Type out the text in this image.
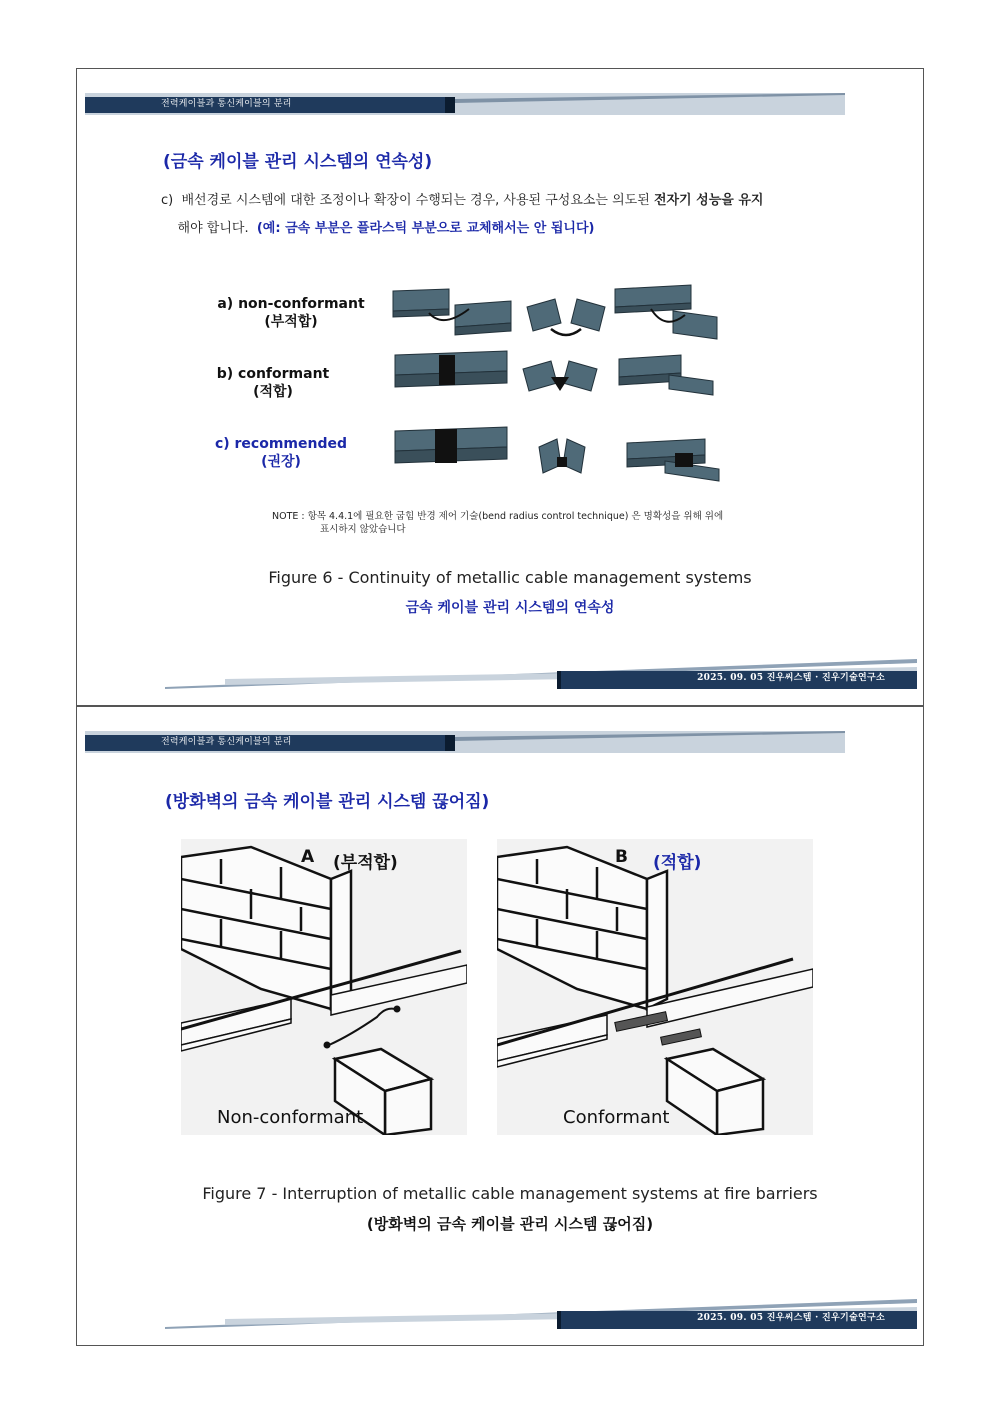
전력케이블과 통신케이블의 분리
(금속 케이블 관리 시스템의 연속성)
c) 배선경로 시스템에 대한 조정이나 확장이 수행되는 경우, 사용된 구성요소는 의도된 전자기 성능을 유지
해야 합니다. (예: 금속 부분은 플라스틱 부분으로 교체해서는 안 됩니다)
a) non-conformant
(부적합)
b) conformant
(적합)
c) recommended
(권장)
NOTE : 항목 4.4.1에 필요한 굽힘 반경 제어 기술(bend radius control technique) 은 명확성을 위해 위에
표시하지 않았습니다
Figure 6 - Continuity of metallic cable management systems
금속 케이블 관리 시스템의 연속성
2025. 09. 05 진우씨스템 · 진우기술연구소
전력케이블과 통신케이블의 분리
(방화벽의 금속 케이블 관리 시스템 끊어짐)
A (부적합)
Non-conformant
B (적합)
Conformant
Figure 7 - Interruption of metallic cable management systems at fire barriers
(방화벽의 금속 케이블 관리 시스템 끊어짐)
2025. 09. 05 진우씨스템 · 진우기술연구소
